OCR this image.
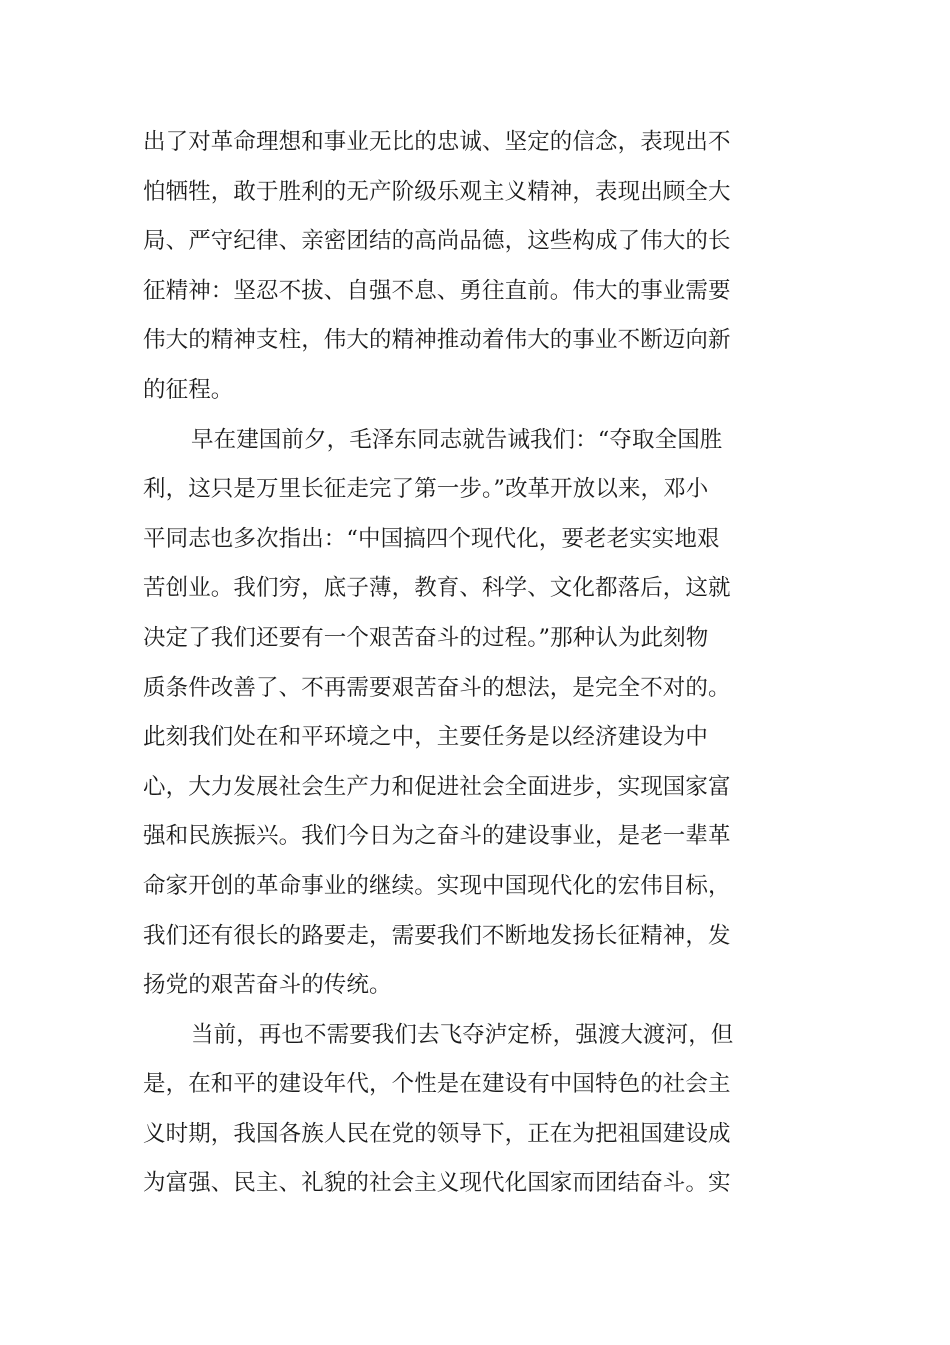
出了对革命理想和事业无比的忠诚、坚定的信念，表现出不
怕牺牲，敢于胜利的无产阶级乐观主义精神，表现出顾全大
局、严守纪律、亲密团结的高尚品德，这些构成了伟大的长
征精神：坚忍不拔、自强不息、勇往直前。伟大的事业需要
伟大的精神支柱，伟大的精神推动着伟大的事业不断迈向新
的征程。
早在建国前夕，毛泽东同志就告诫我们：“夺取全国胜
利，这只是万里长征走完了第一步。”改革开放以来，邓小
平同志也多次指出：“中国搞四个现代化，要老老实实地艰
苦创业。我们穷，底子薄，教育、科学、文化都落后，这就
决定了我们还要有一个艰苦奋斗的过程。”那种认为此刻物
质条件改善了、不再需要艰苦奋斗的想法，是完全不对的。
此刻我们处在和平环境之中，主要任务是以经济建设为中
心，大力发展社会生产力和促进社会全面进步，实现国家富
强和民族振兴。我们今日为之奋斗的建设事业，是老一辈革
命家开创的革命事业的继续。实现中国现代化的宏伟目标，
我们还有很长的路要走，需要我们不断地发扬长征精神，发
扬党的艰苦奋斗的传统。
当前，再也不需要我们去飞夺泸定桥，强渡大渡河，但
是，在和平的建设年代，个性是在建设有中国特色的社会主
义时期，我国各族人民在党的领导下，正在为把祖国建设成
为富强、民主、礼貌的社会主义现代化国家而团结奋斗。实
